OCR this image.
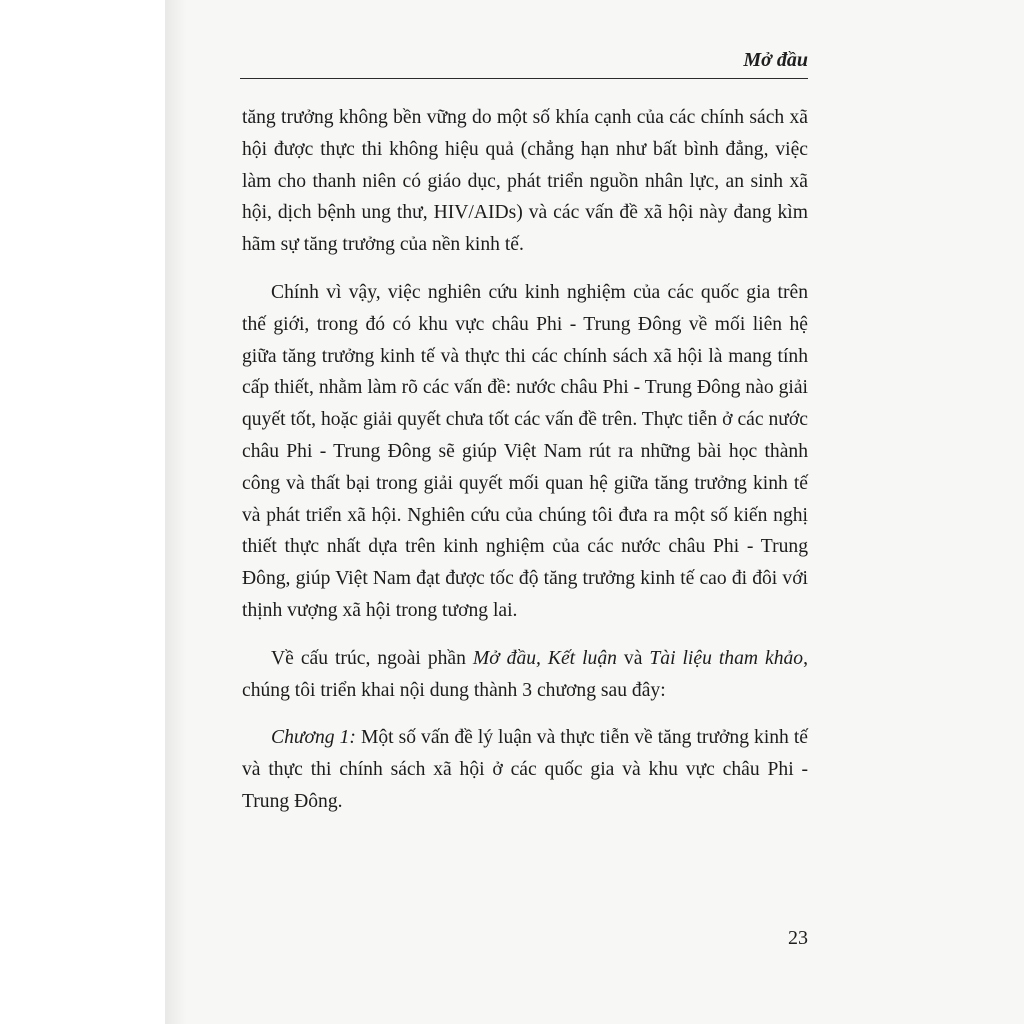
Mở đầu

tăng trưởng không bền vững do một số khía cạnh của các chính sách xã hội được thực thi không hiệu quả (chẳng hạn như bất bình đẳng, việc làm cho thanh niên có giáo dục, phát triển nguồn nhân lực, an sinh xã hội, dịch bệnh ung thư, HIV/AIDs) và các vấn đề xã hội này đang kìm hãm sự tăng trưởng của nền kinh tế.

Chính vì vậy, việc nghiên cứu kinh nghiệm của các quốc gia trên thế giới, trong đó có khu vực châu Phi - Trung Đông về mối liên hệ giữa tăng trưởng kinh tế và thực thi các chính sách xã hội là mang tính cấp thiết, nhằm làm rõ các vấn đề: nước châu Phi - Trung Đông nào giải quyết tốt, hoặc giải quyết chưa tốt các vấn đề trên. Thực tiễn ở các nước châu Phi - Trung Đông sẽ giúp Việt Nam rút ra những bài học thành công và thất bại trong giải quyết mối quan hệ giữa tăng trưởng kinh tế và phát triển xã hội. Nghiên cứu của chúng tôi đưa ra một số kiến nghị thiết thực nhất dựa trên kinh nghiệm của các nước châu Phi - Trung Đông, giúp Việt Nam đạt được tốc độ tăng trưởng kinh tế cao đi đôi với thịnh vượng xã hội trong tương lai.

Về cấu trúc, ngoài phần Mở đầu, Kết luận và Tài liệu tham khảo, chúng tôi triển khai nội dung thành 3 chương sau đây:

Chương 1: Một số vấn đề lý luận và thực tiễn về tăng trưởng kinh tế và thực thi chính sách xã hội ở các quốc gia và khu vực châu Phi - Trung Đông.

23
